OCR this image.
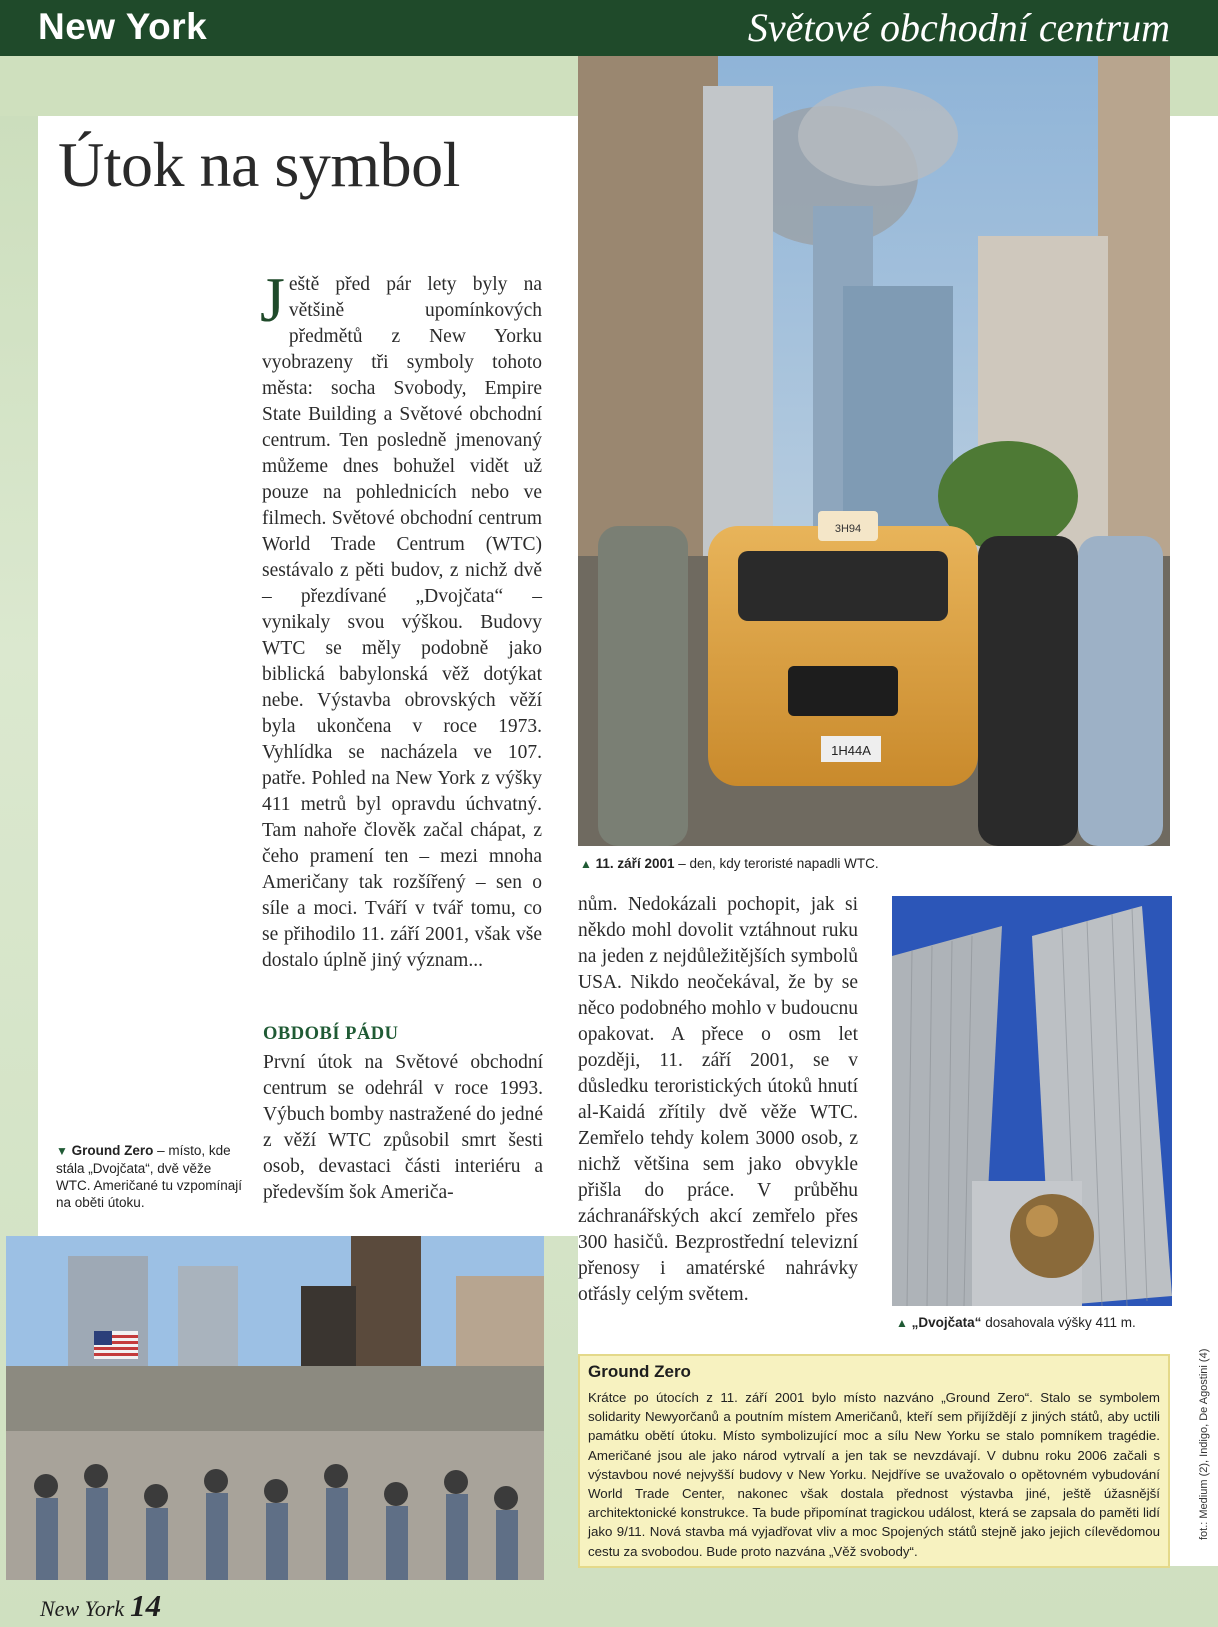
New York	Světové obchodní centrum
Útok na symbol
Ještě před pár lety byly na většině upomínkových předmětů z New Yorku vyobrazeny tři symboly tohoto města: socha Svobody, Empire State Building a Světové obchodní centrum. Ten posledně jmenovaný můžeme dnes bohužel vidět už pouze na pohlednicích nebo ve filmech. Světové obchodní centrum World Trade Centrum (WTC) sestávalo z pěti budov, z nichž dvě – přezdívané „Dvojčata“ – vynikaly svou výškou. Budovy WTC se měly podobně jako biblická babylonská věž dotýkat nebe. Výstavba obrovských věží byla ukončena v roce 1973. Vyhlídka se nacházela ve 107. patře. Pohled na New York z výšky 411 metrů byl opravdu úchvatný. Tam nahoře člověk začal chápat, z čeho pramení ten – mezi mnoha Američany tak rozšířený – sen o síle a moci. Tváří v tvář tomu, co se přihodilo 11. září 2001, však vše dostalo úplně jiný význam...
OBDOBÍ PÁDU
První útok na Světové obchodní centrum se odehrál v roce 1993. Výbuch bomby nastražené do jedné z věží WTC způsobil smrt šesti osob, devastaci části interiéru a především šok Američa-
nům. Nedokázali pochopit, jak si někdo mohl dovolit vztáhnout ruku na jeden z nejdůležitějších symbolů USA. Nikdo neočekával, že by se něco podobného mohlo v budoucnu opakovat. A přece o osm let později, 11. září 2001, se v důsledku teroristických útoků hnutí al-Kaidá zřítily dvě věže WTC. Zemřelo tehdy kolem 3000 osob, z nichž většina sem jako obvykle přišla do práce. V průběhu záchranářských akcí zemřelo přes 300 hasičů. Bezprostřední televizní přenosy i amatérské nahrávky otřásly celým světem.
1H44A
3H94
▲ 11. září 2001 – den, kdy teroristé napadli WTC.
▲ „Dvojčata“ dosahovala výšky 411 m.
▼ Ground Zero – místo, kde stála „Dvojčata“, dvě věže WTC. Američané tu vzpomínají na oběti útoku.
Ground Zero
Krátce po útocích z 11. září 2001 bylo místo nazváno „Ground Zero“. Stalo se symbolem solidarity Newyorčanů a poutním místem Američanů, kteří sem přijíždějí z jiných států, aby uctili památku obětí útoku. Místo symbolizující moc a sílu New Yorku se stalo pomníkem tragédie. Američané jsou ale jako národ vytrvalí a jen tak se nevzdávají. V dubnu roku 2006 začali s výstavbou nové nejvyšší budovy v New Yorku. Nejdříve se uvažovalo o opětovném vybudování World Trade Center, nakonec však dostala přednost výstavba jiné, ještě úžasnější architektonické konstrukce. Ta bude připomínat tragickou událost, která se zapsala do paměti lidí jako 9/11. Nová stavba má vyjadřovat vliv a moc Spojených států stejně jako jejich cílevědomou cestu za svobodou. Bude proto nazvána „Věž svobody“.
fot.: Medium (2), Indigo, De Agostini (4)
New York 14
